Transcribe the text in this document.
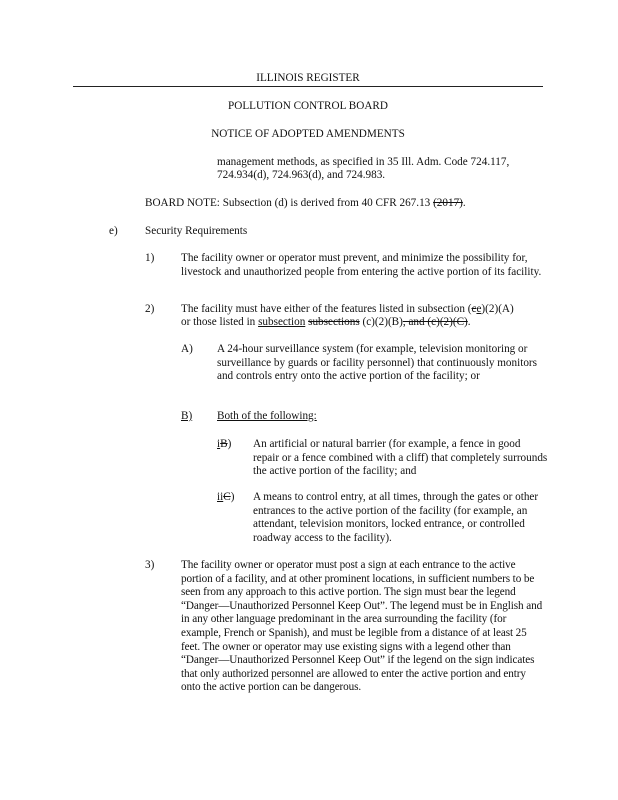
ILLINOIS REGISTER
POLLUTION CONTROL BOARD
NOTICE OF ADOPTED AMENDMENTS
management methods, as specified in 35 Ill. Adm. Code 724.117,
724.934(d), 724.963(d), and 724.983.
BOARD NOTE: Subsection (d) is derived from 40 CFR 267.13 (2017).
e) Security Requirements
1) The facility owner or operator must prevent, and minimize the possibility for, livestock and unauthorized people from entering the active portion of its facility.
2) The facility must have either of the features listed in subsection (ce)(2)(A)
or those listed in subsection subsections (c)(2)(B), and (c)(2)(C).
A) A 24-hour surveillance system (for example, television monitoring or surveillance by guards or facility personnel) that continuously monitors and controls entry onto the active portion of the facility; or
B) Both of the following:
iB) An artificial or natural barrier (for example, a fence in good repair or a fence combined with a cliff) that completely surrounds the active portion of the facility; and
iiC) A means to control entry, at all times, through the gates or other entrances to the active portion of the facility (for example, an attendant, television monitors, locked entrance, or controlled roadway access to the facility).
3) The facility owner or operator must post a sign at each entrance to the active portion of a facility, and at other prominent locations, in sufficient numbers to be seen from any approach to this active portion. The sign must bear the legend “Danger—Unauthorized Personnel Keep Out”. The legend must be in English and in any other language predominant in the area surrounding the facility (for example, French or Spanish), and must be legible from a distance of at least 25 feet. The owner or operator may use existing signs with a legend other than “Danger—Unauthorized Personnel Keep Out” if the legend on the sign indicates that only authorized personnel are allowed to enter the active portion and entry onto the active portion can be dangerous.
